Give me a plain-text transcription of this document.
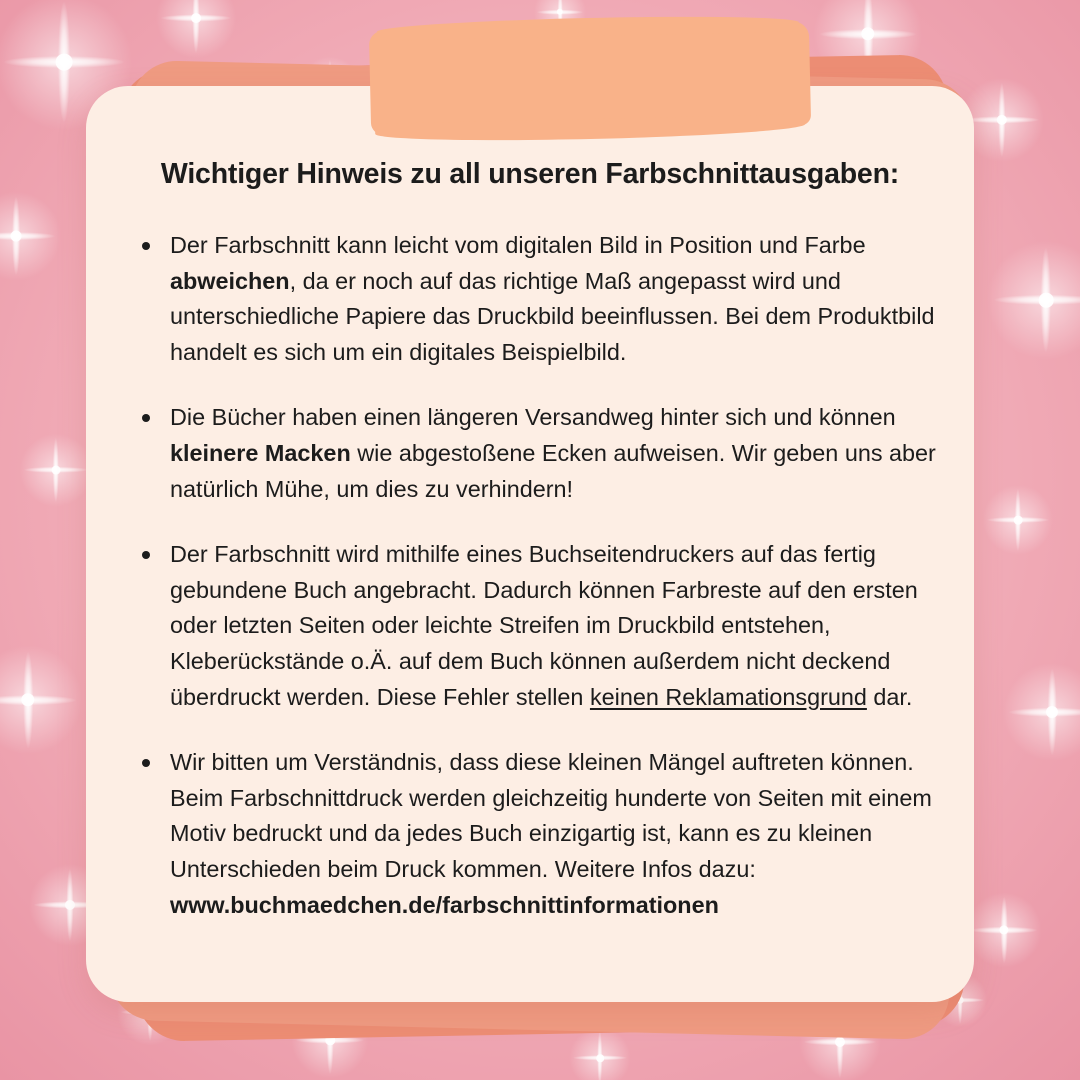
Wichtiger Hinweis zu all unseren Farbschnittausgaben:
Der Farbschnitt kann leicht vom digitalen Bild in Position und Farbe abweichen, da er noch auf das richtige Maß angepasst wird und unterschiedliche Papiere das Druckbild beeinflussen. Bei dem Produktbild handelt es sich um ein digitales Beispielbild.
Die Bücher haben einen längeren Versandweg hinter sich und können kleinere Macken wie abgestoßene Ecken aufweisen. Wir geben uns aber natürlich Mühe, um dies zu verhindern!
Der Farbschnitt wird mithilfe eines Buchseitendruckers auf das fertig gebundene Buch angebracht. Dadurch können Farbreste auf den ersten oder letzten Seiten oder leichte Streifen im Druckbild entstehen, Kleberückstände o.Ä. auf dem Buch können außerdem nicht deckend überdruckt werden. Diese Fehler stellen keinen Reklamationsgrund dar.
Wir bitten um Verständnis, dass diese kleinen Mängel auftreten können. Beim Farbschnittdruck werden gleichzeitig hunderte von Seiten mit einem Motiv bedruckt und da jedes Buch einzigartig ist, kann es zu kleinen Unterschieden beim Druck kommen. Weitere Infos dazu: www.buchmaedchen.de/farbschnittinformationen
